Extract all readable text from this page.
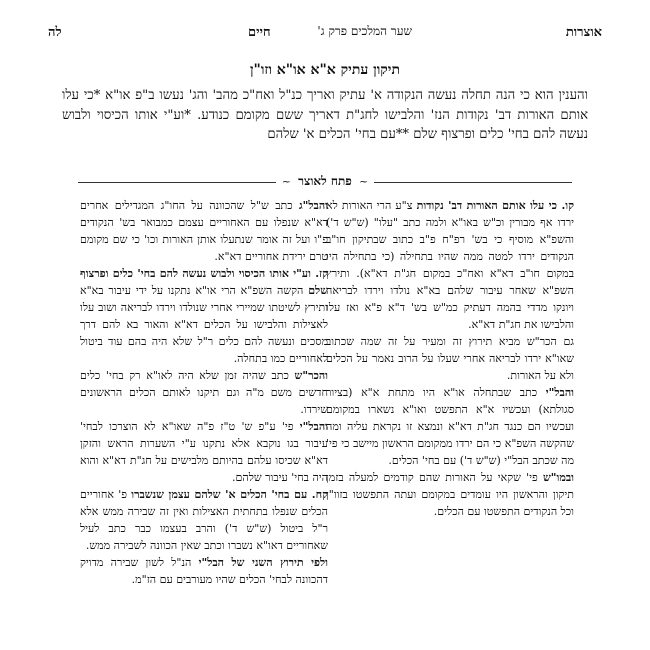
אוצרות
שער המלכים פרק ג'
חיים
לה
תיקון עתיק א"א או"א וזו"ן
והענין הוא כי הנה תחלה נעשה הנקודה א' עתיק ואריך כנ"ל ואח"כ מהב' והג' נעשו ב"פ או"א *כי עלו אותם האורות דב' נקודות הנז' והלבישו לחג"ת דאריך ששם מקומם כנודע. *וע"י אותו הכיסוי ולבוש נעשה להם בחי' כלים ופרצוף שלם **עם בחי' הכלים א' שלהם
~ פתח לאוצר ~

קו. כי עלו אותם האורות דב' נקודות צ"ע הרי האורות לא ירדו אף מבורין וכ"ש באו"א ולמה כתב "עלו" (ש"ש ד') והשפ"א מוסיף כי בש' רפ"ח פ"ב כתוב שבתיקון חו"ב הנקודים ירדו למטה ממה שהיו בתחילה (כי בתחילה היו במקום חו"ב דא"א ואח"כ במקום חג"ת דא"א). ותירץ השפ"א שאחר עיבור שלהם בא"א נולדו וירדו לבריאה ויונקו מדדי בהמה דעתיק כמ"ש בש' ד"א פ"א ואז עלו והלבישו את חג"ת דא"א.

גם הכר"ש מביא תירוץ זה ומעיר על זה שמה שכתוב שאו"א ירדו לבריאה אחרי שעלו על הרוב נאמר על הכלים ולא על האורות.

והבל"י כתב שבתחלה או"א היו מתחת א"א (בציור סגולתא) ועכשיו א"א התפשט ואו"א נשארו במקומם ועכשיו הם כנגד חג"ת דא"א ונמצא זו נקראת עליה ומה שהקשה השפ"א כי הם ירדו ממקומם הראשון מיישב כי פי' מה שכתב הבל"י (ש"ש ד') עם בחי' הכלים.

ובמו"ש פי' שקאי על האורות שהם קודמים למעלה בזמן תיקון והראשון היו עומדים במקומם ועתה התפשטו בזוו"ן וכל הנקודים התפשטו עם הכלים.

והבל"ג כתב ש"ל שהכוונה על החו"ג המגדילים אחרים דא"א שנפלו עם האחוריים עצמם כמבואר בש' הנקודים פ"ו ועל זה אומר שנתעלו אותן האורות וכו' כי שם מקומם טרם ירידת אחוריים דא"א.

קז. וע"י אותו הכיסוי ולבוש נעשה להם בחי' כלים ופרצוף שלם הקשה השפ"א הרי או"א נתקנו על ידי עיבור בא"א ותירץ לשיטתו שמיירי אחרי שנולדו וירדו לבריאה ושוב עלו לאצילות והלבישו על הכלים דא"א והאור בא להם דרך מסכים ונעשה להם כלים ר"ל שלא היה בהם עוד ביטול לאחוריים כמו בתחלה.

והכר"ש כתב שהיה זמן שלא היה לאו"א רק בחי' כלים חדשים משם מ"ה וגם תיקנו לאותם הכלים הראשונים שירדו.

והבל"י פי' ע"פ ש' ט"ז פ"ה שאו"א לא הוצרכו לבחי' עיבור בגו נוקבא אלא נתקנו ע"י השערות הראש והזקן דא"א שכיסו עלהם בהיותם מלבישים על חג"ת דא"א והוא היה בחי' עיבור שלהם.

קח. עם בחי' הכלים א' שלהם עצמן שנשברו פ' אחוריים הכלים שנפלו בתחתית האצילות ואין זה שבירה ממש אלא ר"ל ביטול (ש"ש ד') והרב בעצמו כבר כתב לעיל שאחוריים דאו"א נשברו וכתב שאין הכוונה לשבירה ממש.

ולפי תירוץ השני של הבל"י הנ"ל לשון שבירה מדויק דהכוונה לבחי' הכלים שהיו מעורבים עם הז"מ.
